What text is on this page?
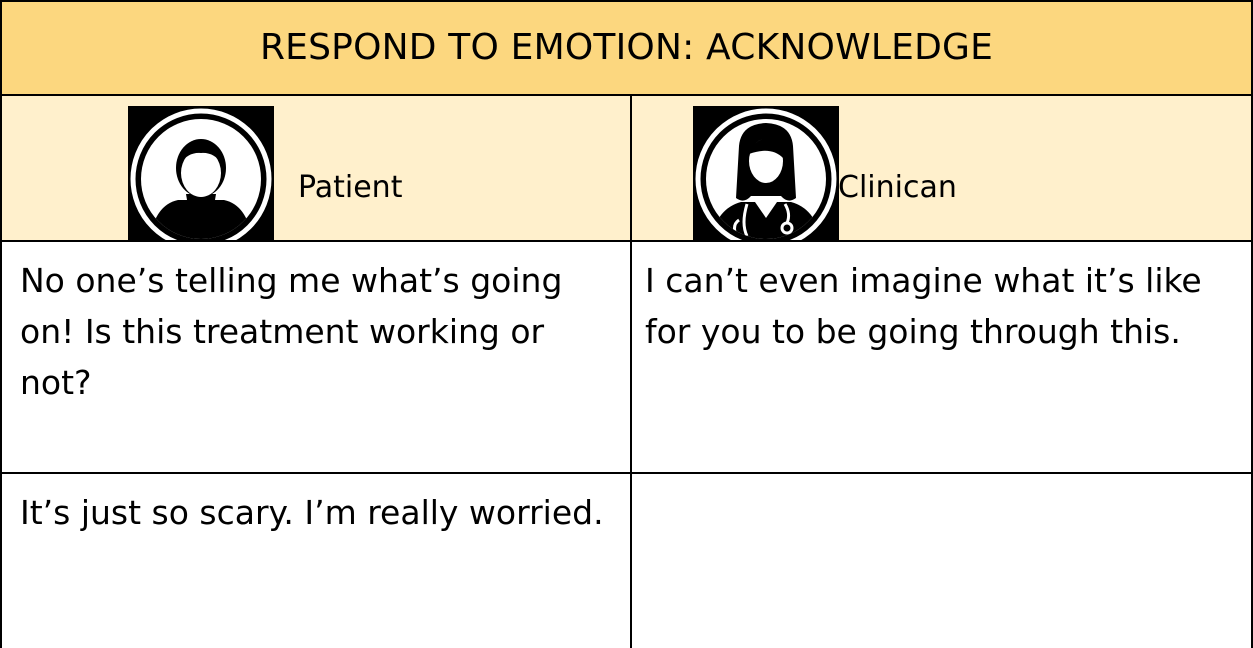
RESPOND TO EMOTION: ACKNOWLEDGE
Patient	Clinican
No one’s telling me what’s going on! Is this treatment working or not?
I can’t even imagine what it’s like for you to be going through this.
It’s just so scary. I’m really worried.
